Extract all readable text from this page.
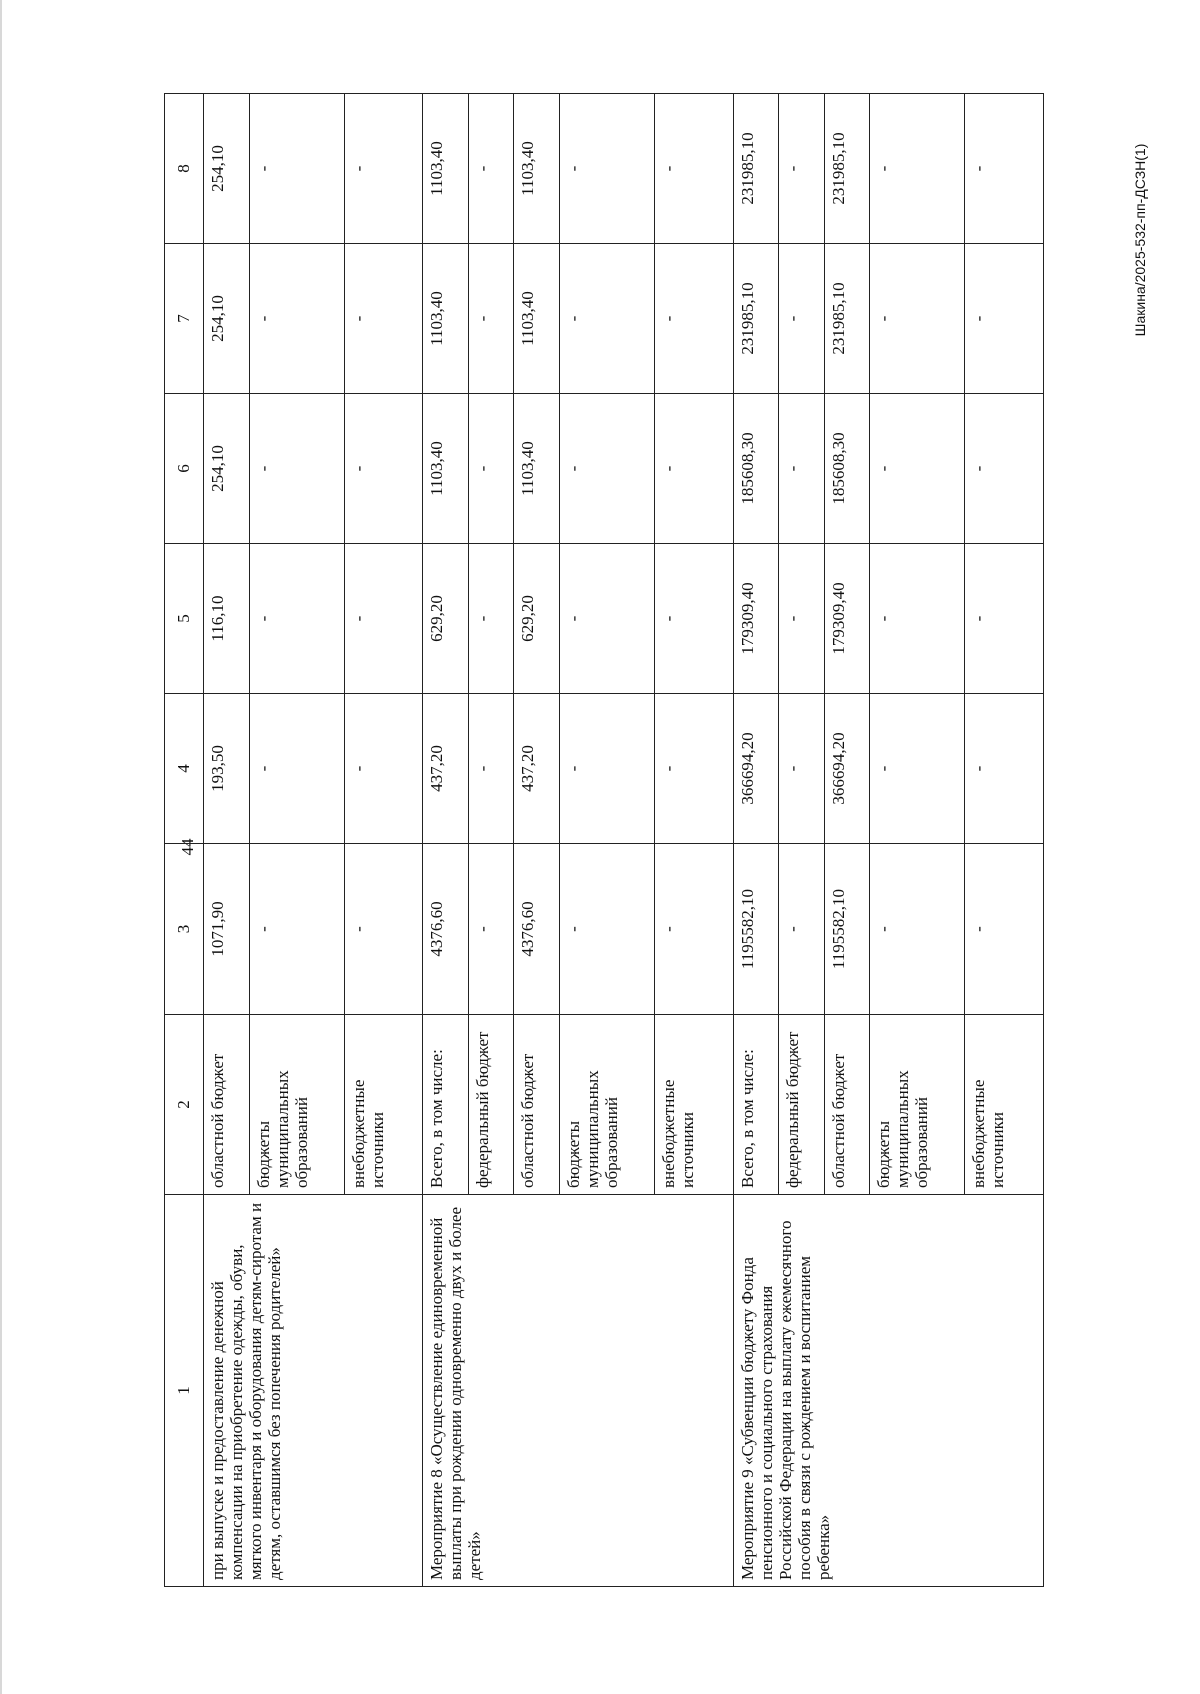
44
Шакина/2025-532-пп-ДСЗН(1)
1	2	3	4	5	6	7	8
при выпуске и предоставление денежной компенсации на приобретение одежды, обуви, мягкого инвентаря и оборудования детям-сиротам и детям, оставшимся без попечения родителей»	областной бюджет	1071,90	193,50	116,10	254,10	254,10	254,10
	бюджеты муниципальных образований	-	-	-	-	-	-
	внебюджетные источники	-	-	-	-	-	-
Мероприятие 8 «Осуществление единовременной выплаты при рождении одновременно двух и более детей»	Всего, в том числе:	4376,60	437,20	629,20	1103,40	1103,40	1103,40
	федеральный бюджет	-	-	-	-	-	-
	областной бюджет	4376,60	437,20	629,20	1103,40	1103,40	1103,40
	бюджеты муниципальных образований	-	-	-	-	-	-
	внебюджетные источники	-	-	-	-	-	-
Мероприятие 9 «Субвенции бюджету Фонда пенсионного и социального страхования Российской Федерации на выплату ежемесячного пособия в связи с рождением и воспитанием ребенка»	Всего, в том числе:	1195582,10	366694,20	179309,40	185608,30	231985,10	231985,10
	федеральный бюджет	-	-	-	-	-	-
	областной бюджет	1195582,10	366694,20	179309,40	185608,30	231985,10	231985,10
	бюджеты муниципальных образований	-	-	-	-	-	-
	внебюджетные источники	-	-	-	-	-	-
